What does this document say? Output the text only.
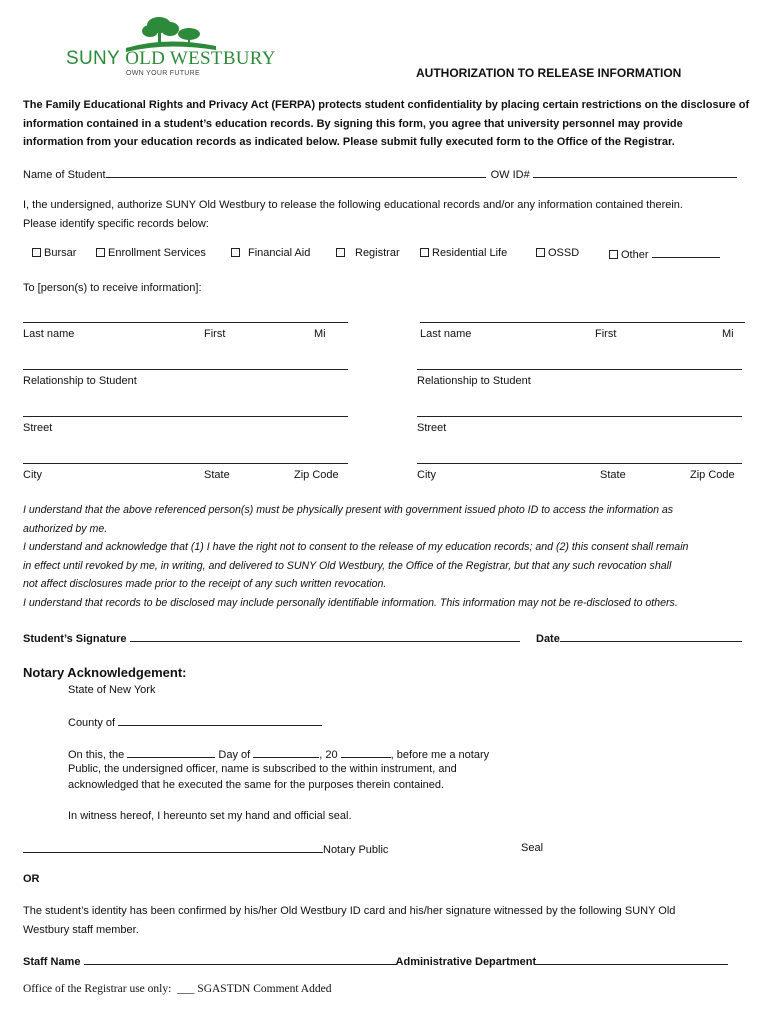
SUNY OLD WESTBURY
OWN YOUR FUTURE	AUTHORIZATION TO RELEASE INFORMATION
The Family Educational Rights and Privacy Act (FERPA) protects student confidentiality by placing certain restrictions on the disclosure of
information contained in a student’s education records. By signing this form, you agree that university personnel may provide
information from your education records as indicated below. Please submit fully executed form to the Office of the Registrar.
Name of Student	OW ID#
I, the undersigned, authorize SUNY Old Westbury to release the following educational records and/or any information contained therein.
Please identify specific records below:
Bursar	Enrollment Services	Financial Aid	Registrar	Residential Life	OSSD	Other
To [person(s) to receive information]:
Last name	First	Mi
Relationship to Student
Street
City	State	Zip Code
Last name	First	Mi
Relationship to Student
Street
City	State	Zip Code
I understand that the above referenced person(s) must be physically present with government issued photo ID to access the information as
authorized by me.
I understand and acknowledge that (1) I have the right not to consent to the release of my education records; and (2) this consent shall remain
in effect until revoked by me, in writing, and delivered to SUNY Old Westbury, the Office of the Registrar, but that any such revocation shall
not affect disclosures made prior to the receipt of any such written revocation.
I understand that records to be disclosed may include personally identifiable information. This information may not be re-disclosed to others.
Student’s Signature	Date
Notary Acknowledgement:
State of New York
County of
On this, the	Day of	, 20	, before me a notary
Public, the undersigned officer, name is subscribed to the within instrument, and
acknowledged that he executed the same for the purposes therein contained.
In witness hereof, I hereunto set my hand and official seal.
Notary Public	Seal
OR
The student’s identity has been confirmed by his/her Old Westbury ID card and his/her signature witnessed by the following SUNY Old
Westbury staff member.
Staff Name	Administrative Department
Office of the Registrar use only: ___ SGASTDN Comment Added
